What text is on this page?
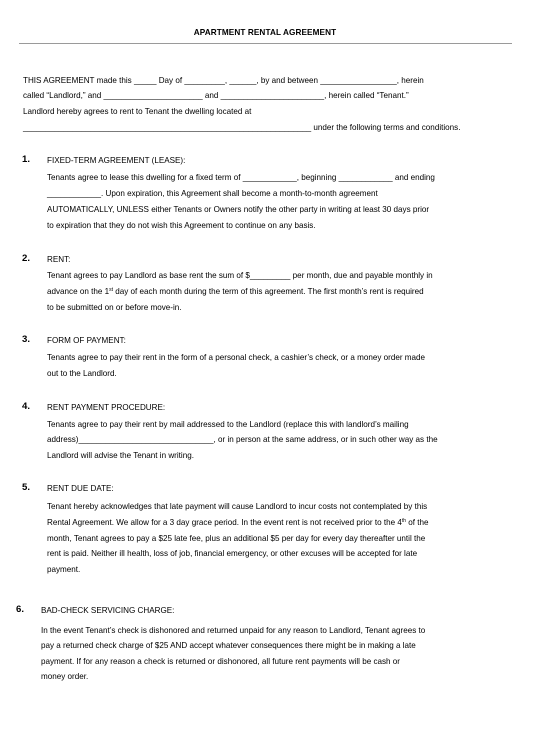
APARTMENT RENTAL AGREEMENT
THIS AGREEMENT made this _____ Day of _________, ______, by and between _________________, herein
called “Landlord,” and ______________________ and _______________________, herein called “Tenant.”
Landlord hereby agrees to rent to Tenant the dwelling located at
________________________________________________________________ under the following terms and conditions.
1. FIXED-TERM AGREEMENT (LEASE):
Tenants agree to lease this dwelling for a fixed term of ____________, beginning ____________ and ending
____________. Upon expiration, this Agreement shall become a month-to-month agreement
AUTOMATICALLY, UNLESS either Tenants or Owners notify the other party in writing at least 30 days prior
to expiration that they do not wish this Agreement to continue on any basis.
2. RENT:
Tenant agrees to pay Landlord as base rent the sum of $_________ per month, due and payable monthly in
advance on the 1st day of each month during the term of this agreement. The first month’s rent is required
to be submitted on or before move-in.
3. FORM OF PAYMENT:
Tenants agree to pay their rent in the form of a personal check, a cashier’s check, or a money order made
out to the Landlord.
4. RENT PAYMENT PROCEDURE:
Tenants agree to pay their rent by mail addressed to the Landlord (replace this with landlord’s mailing
address)______________________________, or in person at the same address, or in such other way as the
Landlord will advise the Tenant in writing.
5. RENT DUE DATE:
Tenant hereby acknowledges that late payment will cause Landlord to incur costs not contemplated by this
Rental Agreement. We allow for a 3 day grace period. In the event rent is not received prior to the 4th of the
month, Tenant agrees to pay a $25 late fee, plus an additional $5 per day for every day thereafter until the
rent is paid. Neither ill health, loss of job, financial emergency, or other excuses will be accepted for late
payment.
6. BAD-CHECK SERVICING CHARGE:
In the event Tenant’s check is dishonored and returned unpaid for any reason to Landlord, Tenant agrees to
pay a returned check charge of $25 AND accept whatever consequences there might be in making a late
payment. If for any reason a check is returned or dishonored, all future rent payments will be cash or
money order.
